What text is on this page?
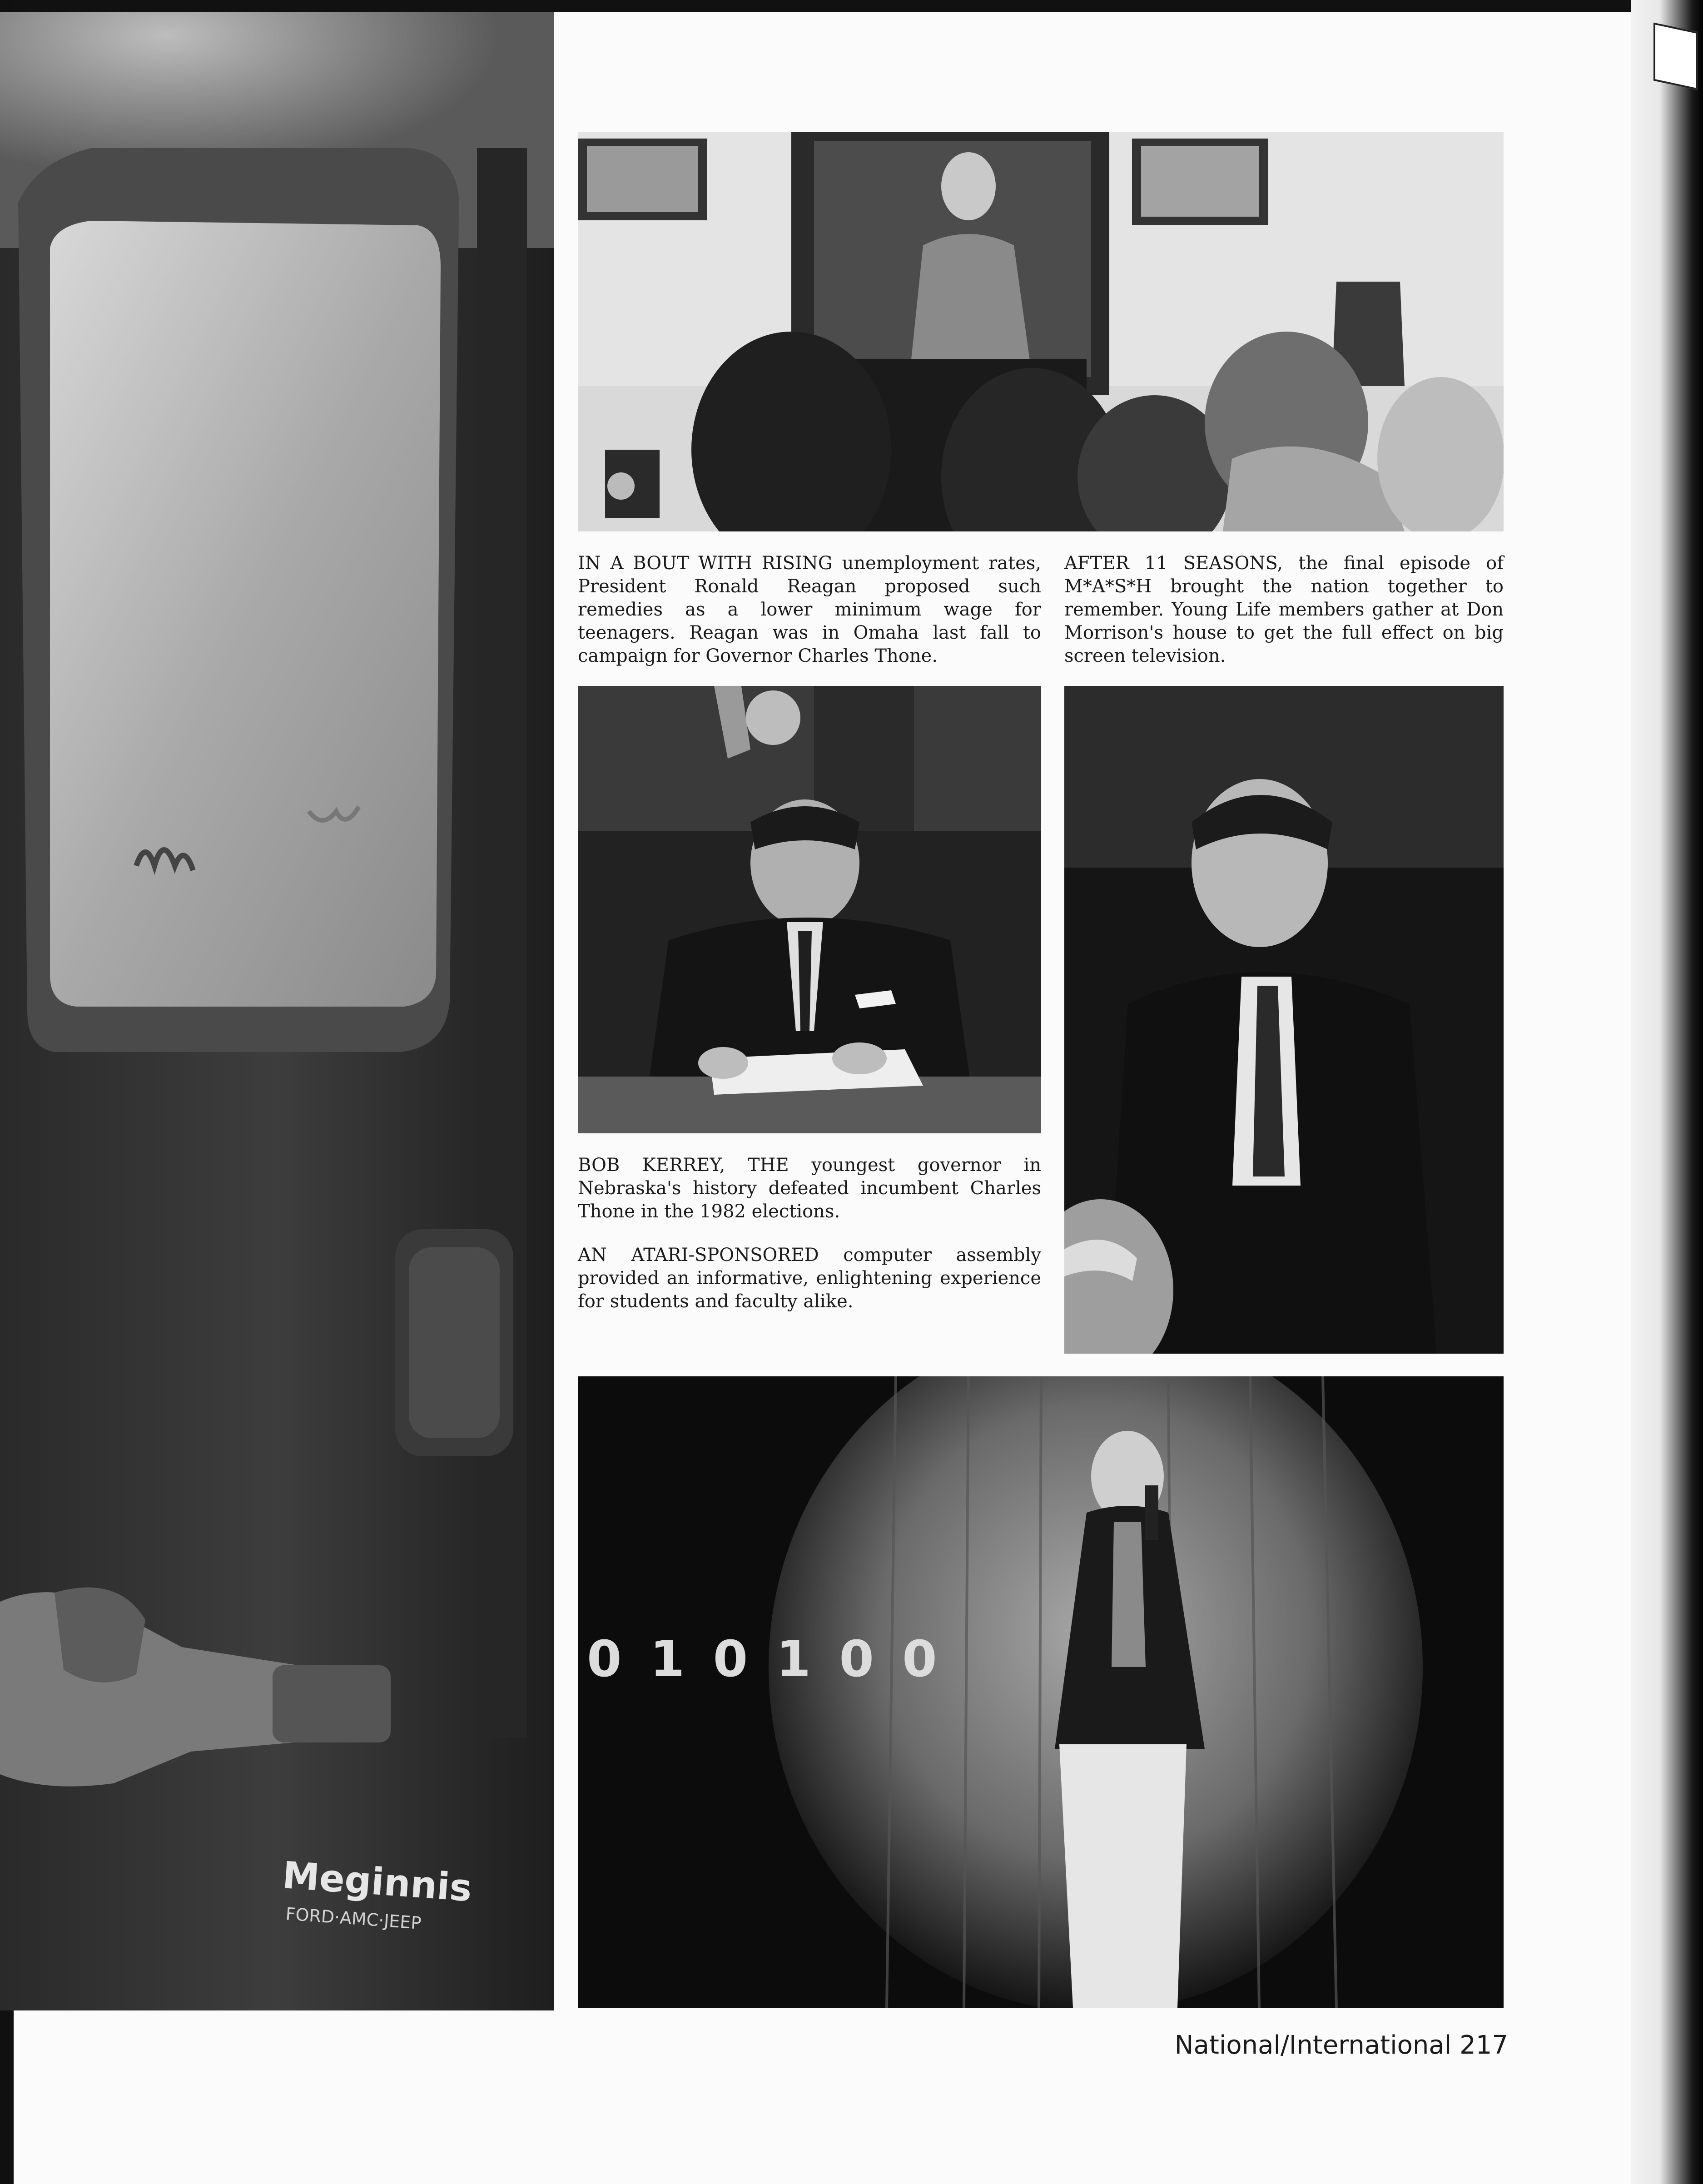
Meginnis
FORD·AMC·JEEP

IN A BOUT WITH RISING unemployment rates, President Ronald Reagan proposed such remedies as a lower minimum wage for teenagers. Reagan was in Omaha last fall to campaign for Governor Charles Thone.

AFTER 11 SEASONS, the final episode of M*A*S*H brought the nation together to remember. Young Life members gather at Don Morrison's house to get the full effect on big screen television.

BOB KERREY, THE youngest governor in Nebraska's history defeated incumbent Charles Thone in the 1982 elections.

AN ATARI-SPONSORED computer assembly provided an informative, enlightening experience for students and faculty alike.

0 1 0 1 0 0
National/International 217
